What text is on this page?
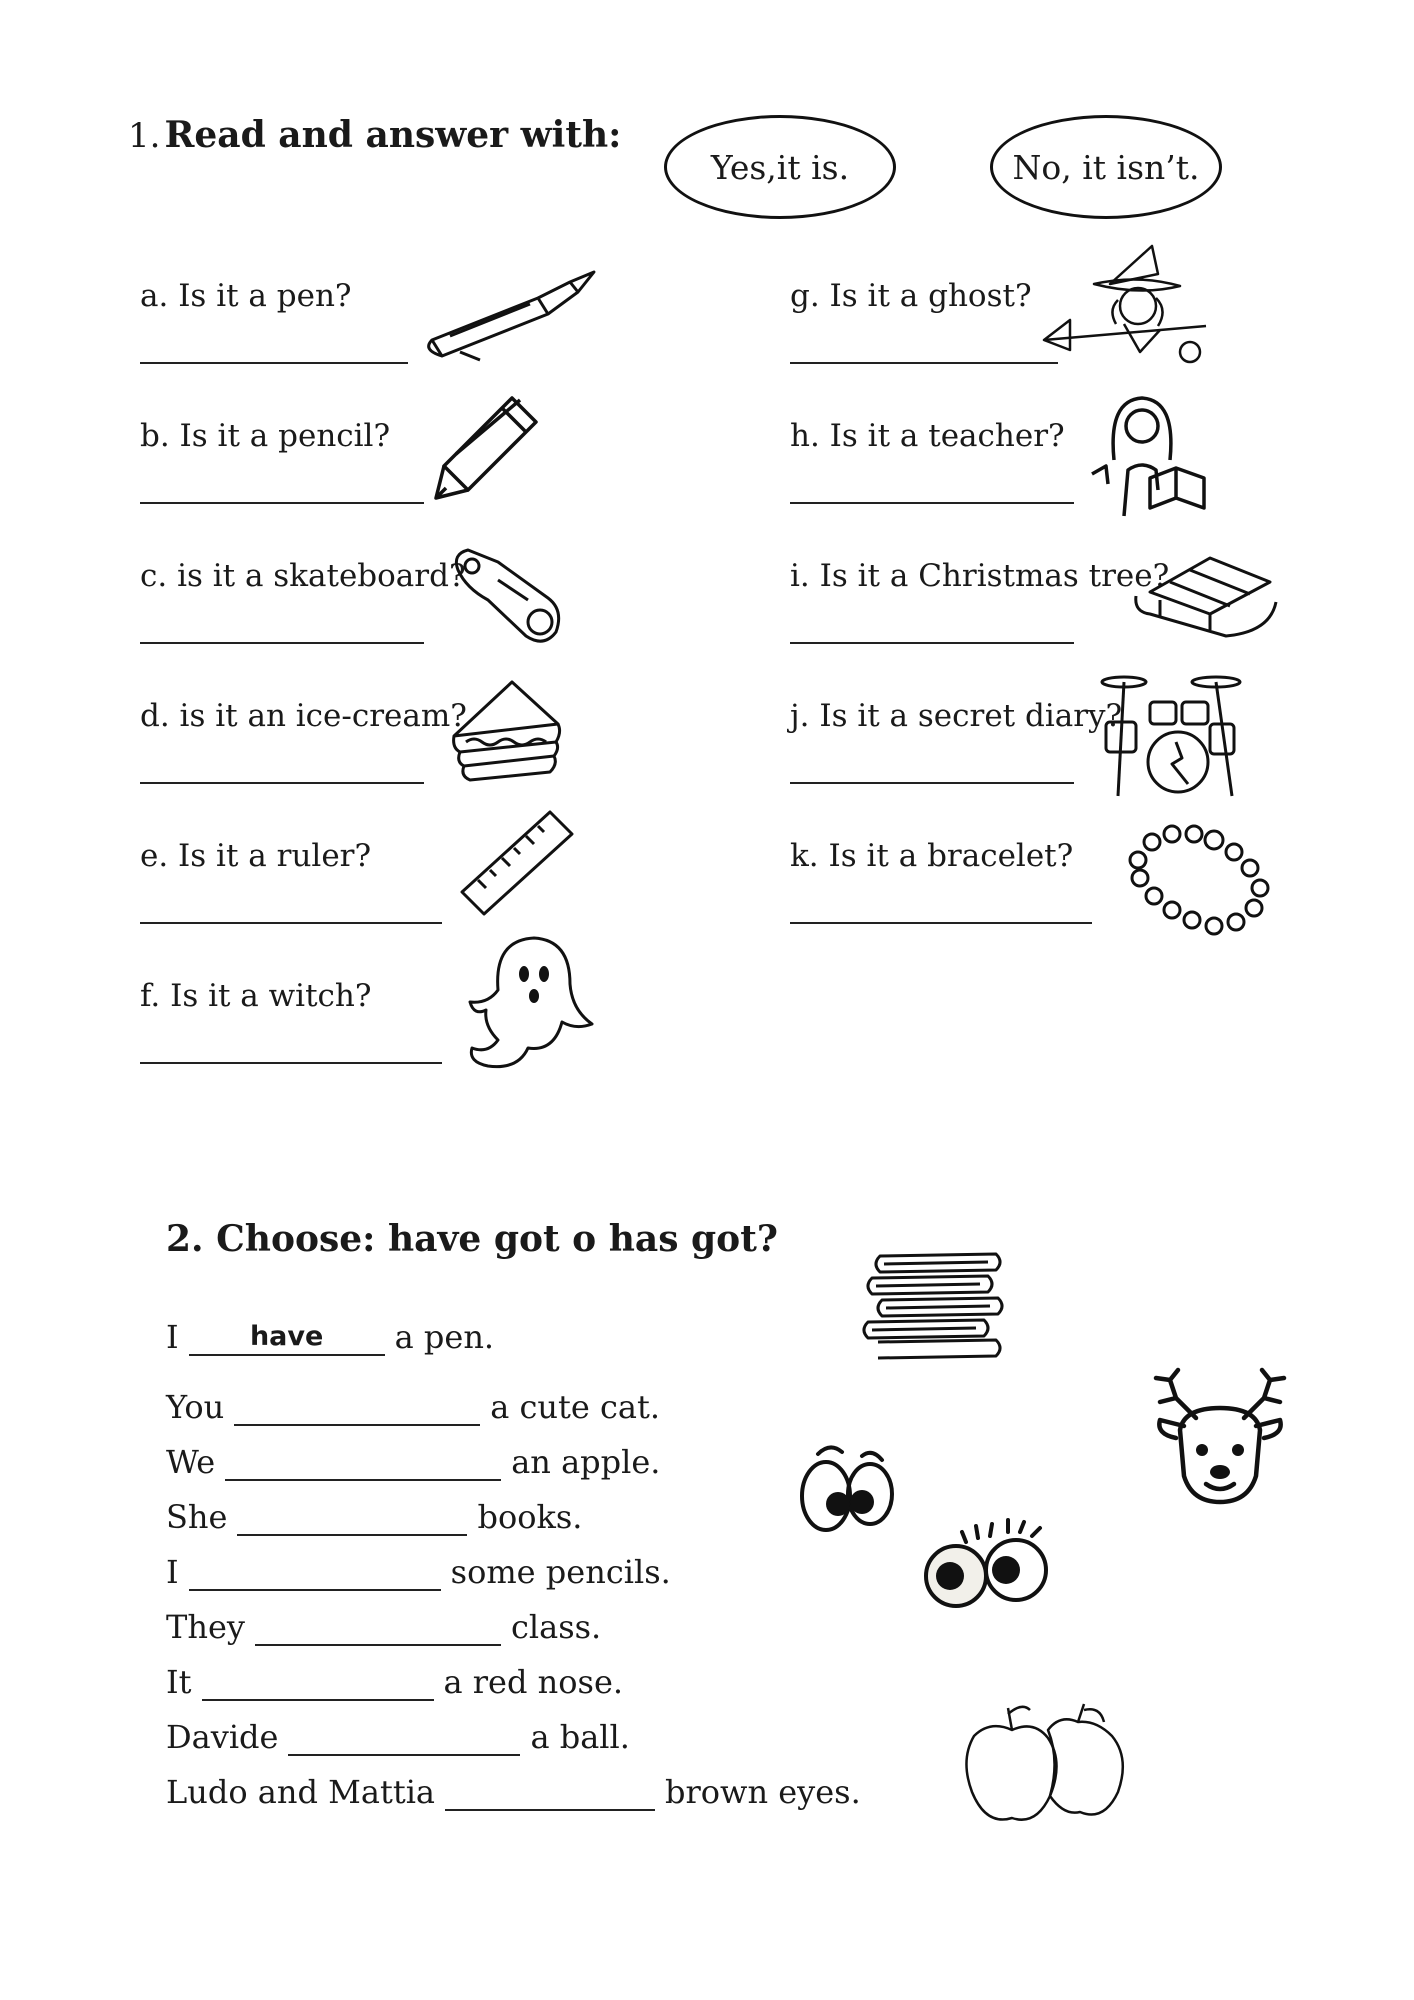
1. Read and answer with:
Yes,it is.	No, it isn’t.
a. Is it a pen?
b. Is it a pencil?
c. is it a skateboard?
d. is it an ice-cream?
e. Is it a ruler?
f. Is it a witch?
g. Is it a ghost?
h. Is it a teacher?
i. Is it a Christmas tree?
j. Is it a secret diary?
k. Is it a bracelet?
2. Choose: have got o has got?
I	have	a pen.
You	a cute cat.
We	an apple.
She	books.
I	some pencils.
They	class.
It	a red nose.
Davide	a ball.
Ludo and Mattia	brown eyes.
